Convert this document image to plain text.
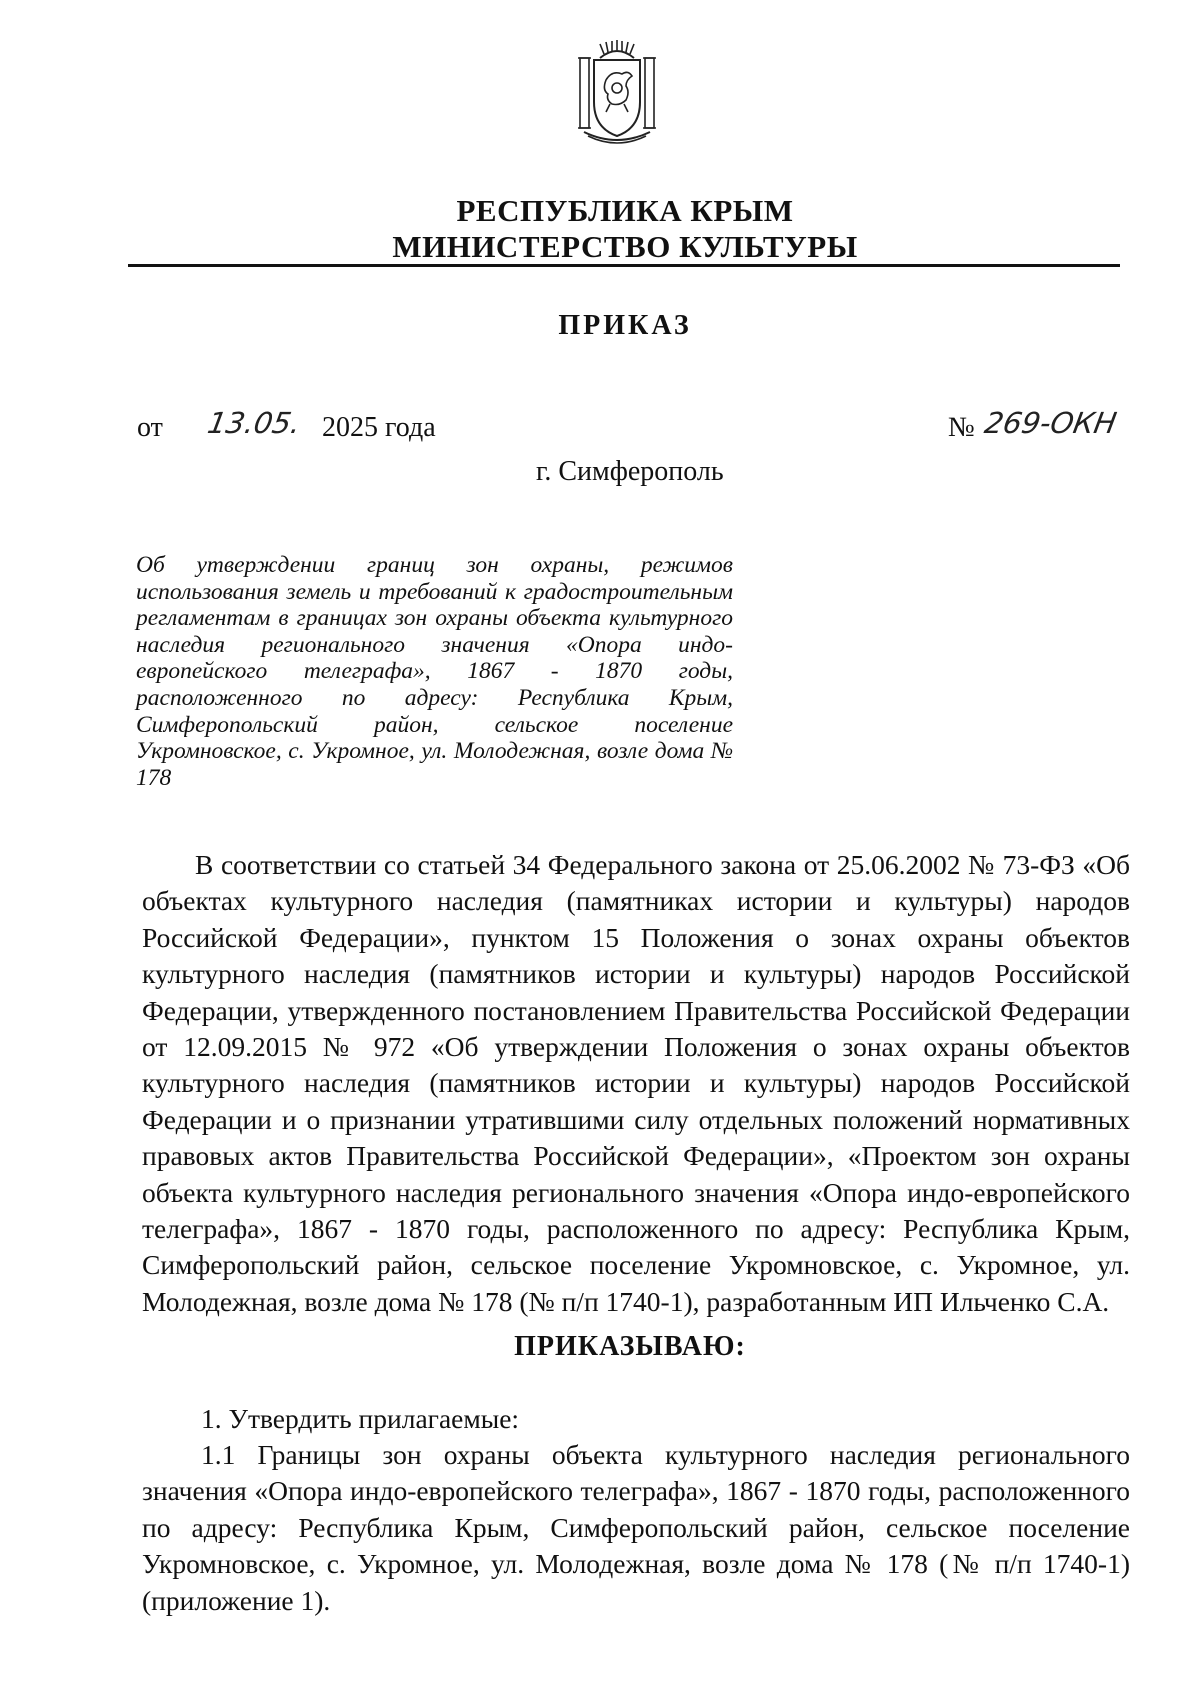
РЕСПУБЛИКА КРЫМ
МИНИСТЕРСТВО КУЛЬТУРЫ
ПРИКАЗ
от 13.05. 2025 года	№ 269-ОКН
г. Симферополь
Об утверждении границ зон охраны, режимов использования земель и требований к градостроительным регламентам в границах зон охраны объекта культурного наследия регионального значения «Опора индо-европейского телеграфа», 1867 - 1870 годы, расположенного по адресу: Республика Крым, Симферопольский район, сельское поселение Укромновское, с. Укромное, ул. Молодежная, возле дома № 178
В соответствии со статьей 34 Федерального закона от 25.06.2002 № 73-ФЗ «Об объектах культурного наследия (памятниках истории и культуры) народов Российской Федерации», пунктом 15 Положения о зонах охраны объектов культурного наследия (памятников истории и культуры) народов Российской Федерации, утвержденного постановлением Правительства Российской Федерации от 12.09.2015 № 972 «Об утверждении Положения о зонах охраны объектов культурного наследия (памятников истории и культуры) народов Российской Федерации и о признании утратившими силу отдельных положений нормативных правовых актов Правительства Российской Федерации», «Проектом зон охраны объекта культурного наследия регионального значения «Опора индо-европейского телеграфа», 1867 - 1870 годы, расположенного по адресу: Республика Крым, Симферопольский район, сельское поселение Укромновское, с. Укромное, ул. Молодежная, возле дома № 178 (№ п/п 1740-1), разработанным ИП Ильченко С.А.
ПРИКАЗЫВАЮ:
1. Утвердить прилагаемые:
1.1 Границы зон охраны объекта культурного наследия регионального значения «Опора индо-европейского телеграфа», 1867 - 1870 годы, расположенного по адресу: Республика Крым, Симферопольский район, сельское поселение Укромновское, с. Укромное, ул. Молодежная, возле дома № 178 (№ п/п 1740-1) (приложение 1).
